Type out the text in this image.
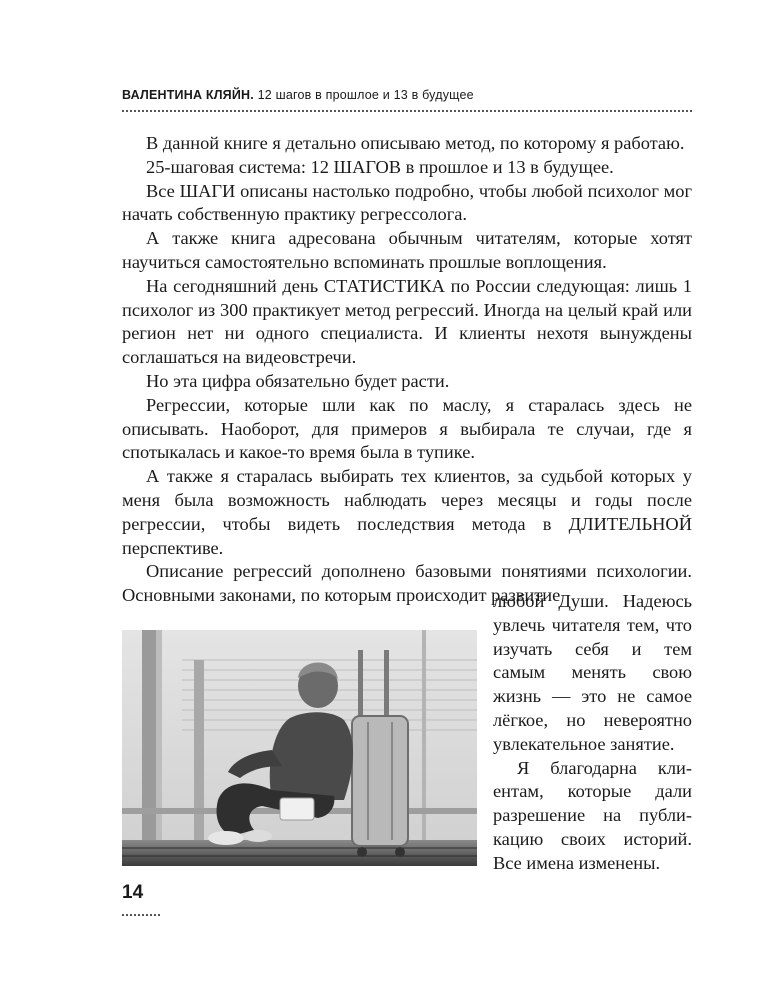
ВАЛЕНТИНА КЛЯЙН. 12 шагов в прошлое и 13 в будущее

В данной книге я детально описываю метод, по которому я работаю.

25-шаговая система: 12 ШАГОВ в прошлое и 13 в будущее.

Все ШАГИ описаны настолько подробно, чтобы любой психолог мог начать собственную практику регрессолога.

А также книга адресована обычным читателям, которые хотят научиться самостоятельно вспоминать прошлые воплощения.

На сегодняшний день СТАТИСТИКА по России следующая: лишь 1 психолог из 300 практикует метод регрессий. Иногда на целый край или регион нет ни одного специалиста. И клиенты нехотя вынуждены соглашаться на видеовстречи.

Но эта цифра обязательно будет расти.

Регрессии, которые шли как по маслу, я старалась здесь не описывать. Наоборот, для примеров я выбирала те случаи, где я спотыкалась и какое-то время была в тупике.

А также я старалась выбирать тех клиентов, за судьбой которых у меня была возможность наблюдать через месяцы и годы после регрессии, чтобы видеть последствия метода в ДЛИТЕЛЬНОЙ перспективе.

Описание регрессий дополнено базовыми понятиями психологии. Основными законами, по которым происходит развитие

любой Души. Надеюсь увлечь читателя тем, что изучать себя и тем самым менять свою жизнь — это не самое лёгкое, но невероятно увлекательное занятие.

Я благодарна клиентам, которые дали разрешение на публикацию своих историй. Все имена изменены.

14
